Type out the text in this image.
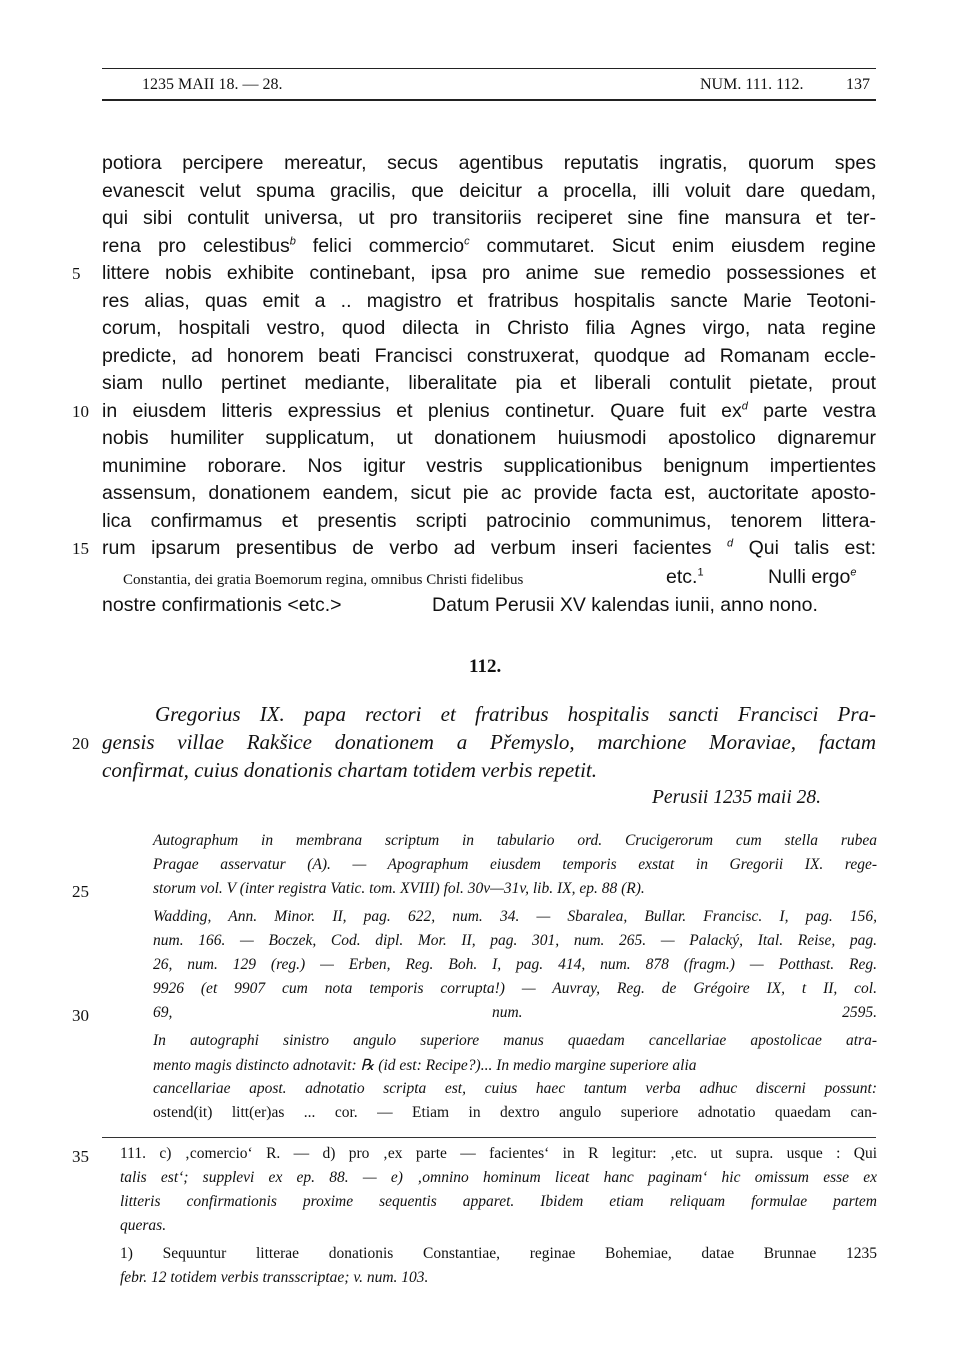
1235 MAII 18. — 28.	NUM. 111. 112.	137
potiora percipere mereatur, secus agentibus reputatis ingratis, quorum spes
evanescit velut spuma gracilis, que deicitur a procella, illi voluit dare quedam,
qui sibi contulit universa, ut pro transitoriis reciperet sine fine mansura et ter-
rena pro celestibus$^b$ felici commercio$^c$ commutaret. Sicut enim eiusdem regine
littere nobis exhibite continebant, ipsa pro anime sue remedio possessiones et
5
res alias, quas emit a .. magistro et fratribus hospitalis sancte Marie Teotoni-
corum, hospitali vestro, quod dilecta in Christo filia Agnes virgo, nata regine
predicte, ad honorem beati Francisci construxerat, quodque ad Romanam eccle-
siam nullo pertinet mediante, liberalitate pia et liberali contulit pietate, prout
in eiusdem litteris expressius et plenius continetur. Quare fuit $ex^d$ parte vestra
10
nobis humiliter supplicatum, ut donationem huiusmodi apostolico dignaremur
munimine roborare. Nos igitur vestris supplicationibus benignum impertientes
assensum, donationem eandem, sicut pie ac provide facta est, auctoritate aposto-
lica confirmamus et presentis scripti patrocinio communimus, tenorem littera-
rum ipsarum presentibus de verbo ad verbum inseri facientes $^d$ Qui talis est:
15
Constantia, dei gratia Boemorum regina, omnibus Christi fidelibus	etc.$^1$	Nulli ergo$^e$
nostre confirmationis <etc.>	Datum Perusii XV kalendas iunii, anno nono.
112.
Gregorius IX. papa rectori et fratribus hospitalis sancti Francisci Pra-
gensis villae Rakšice donationem a Přemyslo, marchione Moraviae, factam
20
confirmat, cuius donationis chartam totidem verbis repetit.
Perusii 1235 maii 28.
Autographum in membrana scriptum in tabulario ord. Crucigerorum cum stella rubea
Pragae asservatur (A). — Apographum eiusdem temporis exstat in Gregorii IX. rege-
storum vol. V (inter registra Vatic. tom. XVIII) fol. 30v—31v, lib. IX, ep. 88 (R).
25
Wadding, Ann. Minor. II, pag. 622, num. 34. — Sbaralea, Bullar. Francisc. I, pag. 156,
num. 166. — Boczek, Cod. dipl. Mor. II, pag. 301, num. 265. — Palacký, Ital. Reise, pag.
26, num. 129 (reg.) — Erben, Reg. Boh. I, pag. 414, num. 878 (fragm.) — Potthast. Reg.
9926 (et 9907 cum nota temporis corrupta!) — Auvray, Reg. de Grégoire IX, t II, col.
69, num. 2595.
30
In autographi sinistro angulo superiore manus quaedam cancellariae apostolicae atra-
mento magis distincto adnotavit: ℞ (id est: Recipe?)... In medio margine superiore alia
cancellariae apost. adnotatio scripta est, cuius haec tantum verba adhuc discerni possunt:
ostend(it) litt(er)as ... cor. — Etiam in dextro angulo superiore adnotatio quaedam can-
111. c) ‚comercio‘ R. — d) pro ‚ex parte — facientes‘ in R legitur: ‚etc. ut supra. usque : Qui
35
talis est‘; supplevi ex ep. 88. — e) ‚omnino hominum liceat hanc paginam‘ hic omissum esse ex
litteris confirmationis proxime sequentis apparet. Ibidem etiam reliquam formulae partem
queras.
1) Sequuntur litterae donationis Constantiae, reginae Bohemiae, datae Brunnae 1235
febr. 12 totidem verbis transscriptae; v. num. 103.
